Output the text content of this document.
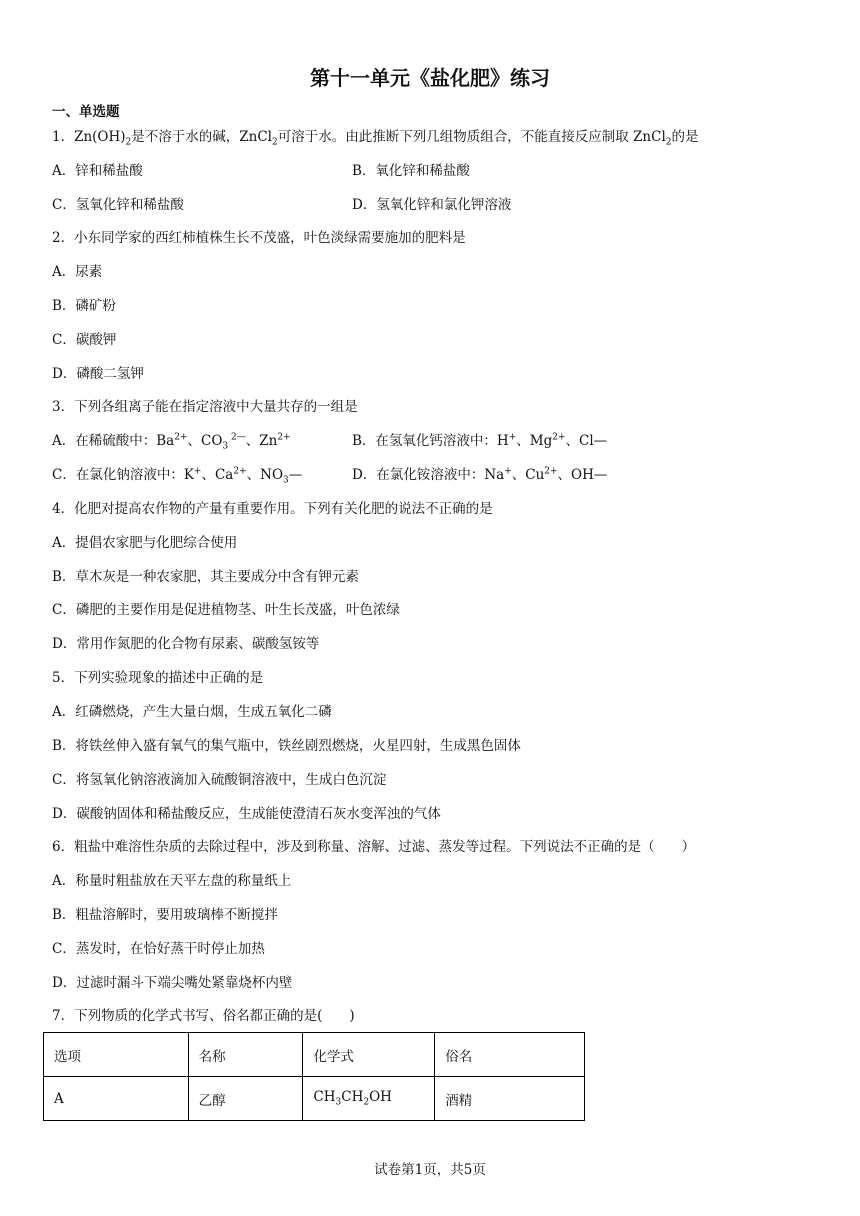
第十一单元《盐化肥》练习
一、单选题
1．$Zn(OH)_2$是不溶于水的碱，ZnCl$_2$可溶于水。由此推断下列几组物质组合，不能直接反应制取 ZnCl$_2$的是
A．锌和稀盐酸	B．氧化锌和稀盐酸
C．氢氧化锌和稀盐酸	D．氢氧化锌和氯化钾溶液
2．小东同学家的西红柿植株生长不茂盛，叶色淡绿需要施加的肥料是
A．尿素
B．磷矿粉
C．碳酸钾
D．磷酸二氢钾
3．下列各组离子能在指定溶液中大量共存的一组是
A．在稀硫酸中：$Ba^{2+}$、$CO_3$ $^{2—}$、$Zn^{2+}$	B．在氢氧化钙溶液中：H+、$Mg^{2+}$、Cl—
C．在氯化钠溶液中：K+、$Ca^{2+}$、$NO_3—$	D．在氯化铵溶液中：Na+、$Cu^{2+}$、OH—
4．化肥对提高农作物的产量有重要作用。下列有关化肥的说法不正确的是
A．提倡农家肥与化肥综合使用
B．草木灰是一种农家肥，其主要成分中含有钾元素
C．磷肥的主要作用是促进植物茎、叶生长茂盛，叶色浓绿
D．常用作氮肥的化合物有尿素、碳酸氢铵等
5．下列实验现象的描述中正确的是
A．红磷燃烧，产生大量白烟，生成五氧化二磷
B．将铁丝伸入盛有氧气的集气瓶中，铁丝剧烈燃烧，火星四射，生成黑色固体
C．将氢氧化钠溶液滴加入硫酸铜溶液中，生成白色沉淀
D．碳酸钠固体和稀盐酸反应，生成能使澄清石灰水变浑浊的气体
6．粗盐中难溶性杂质的去除过程中，涉及到称量、溶解、过滤、蒸发等过程。下列说法不正确的是（　　）
A．称量时粗盐放在天平左盘的称量纸上
B．粗盐溶解时，要用玻璃棒不断搅拌
C．蒸发时，在恰好蒸干时停止加热
D．过滤时漏斗下端尖嘴处紧靠烧杯内壁
7．下列物质的化学式书写、俗名都正确的是(　　)
选项	名称	化学式	俗名
A	乙醇	$CH_3CH_2OH$	酒精
试卷第1页，共5页
